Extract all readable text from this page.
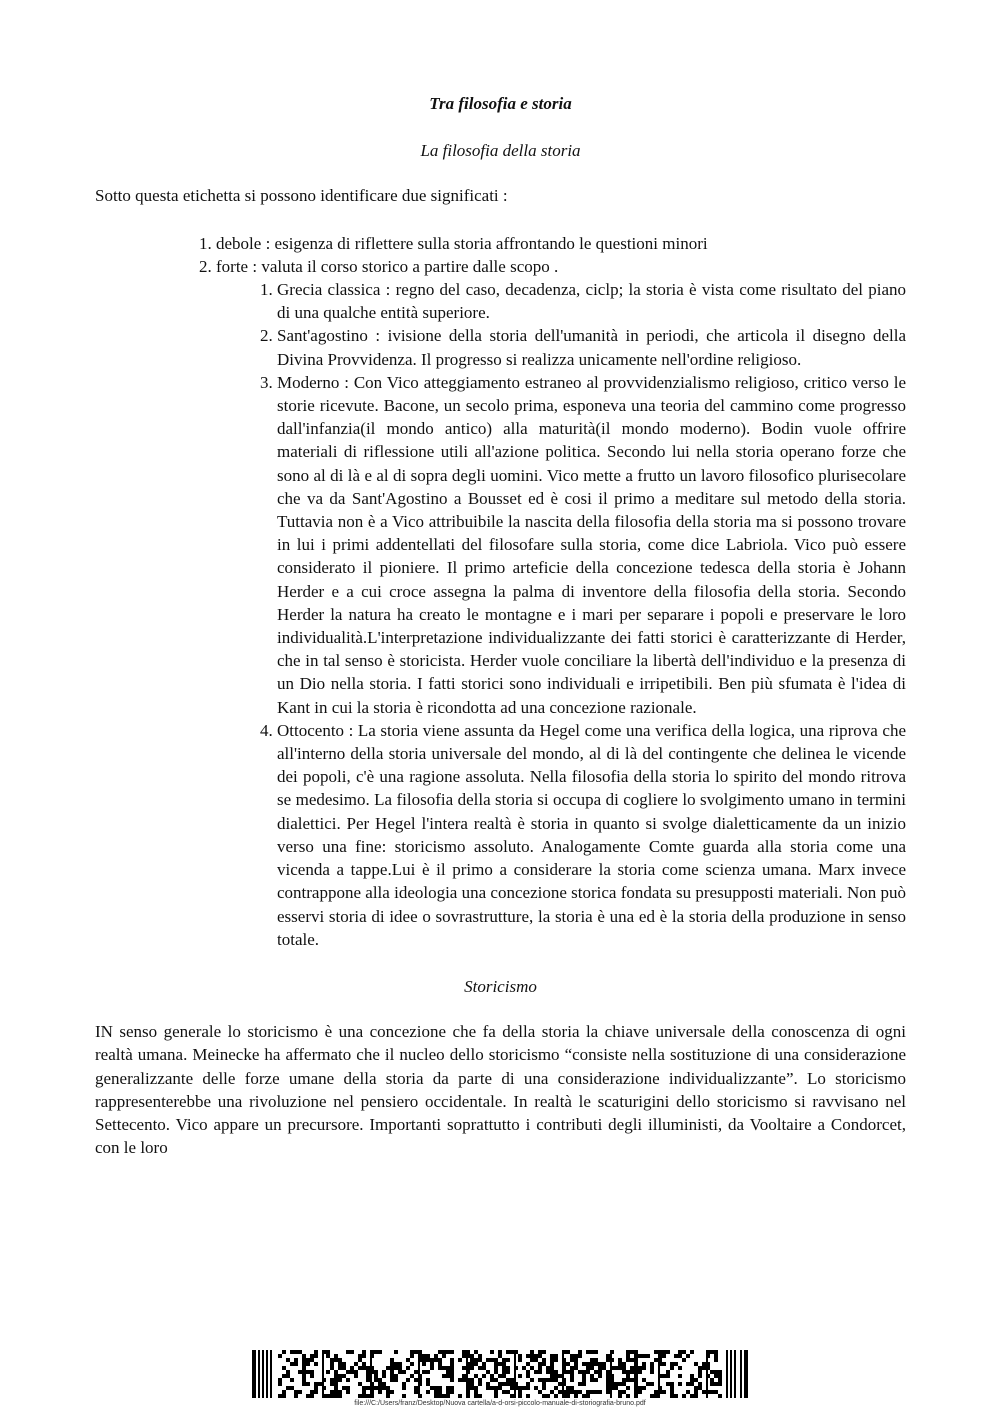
Tra filosofia e storia
La filosofia della storia

Sotto questa etichetta si possono identificare due significati :

1. debole : esigenza di riflettere sulla storia affrontando le questioni minori
2. forte : valuta il corso storico a partire dalle scopo .
1. Grecia classica : regno del caso, decadenza, ciclp; la storia è vista come risultato del piano di una qualche entità superiore.
2. Sant'agostino : ivisione della storia dell'umanità in periodi, che articola il disegno della Divina Provvidenza. Il progresso si realizza unicamente nell'ordine religioso.
3. Moderno : Con Vico atteggiamento estraneo al provvidenzialismo religioso, critico verso le storie ricevute. Bacone, un secolo prima, esponeva una teoria del cammino come progresso dall'infanzia(il mondo antico) alla maturità(il mondo moderno). Bodin vuole offrire materiali di riflessione utili all'azione politica. Secondo lui nella storia operano forze che sono al di là e al di sopra degli uomini. Vico mette a frutto un lavoro filosofico plurisecolare che va da Sant'Agostino a Bousset ed è cosi il primo a meditare sul metodo della storia. Tuttavia non è a Vico attribuibile la nascita della filosofia della storia ma si possono trovare in lui i primi addentellati del filosofare sulla storia, come dice Labriola. Vico può essere considerato il pioniere. Il primo arteficie della concezione tedesca della storia è Johann Herder e a cui croce assegna la palma di inventore della filosofia della storia. Secondo Herder la natura ha creato le montagne e i mari per separare i popoli e preservare le loro individualità.L'interpretazione individualizzante dei fatti storici è caratterizzante di Herder, che in tal senso è storicista. Herder vuole conciliare la libertà dell'individuo e la presenza di un Dio nella storia. I fatti storici sono individuali e irripetibili. Ben più sfumata è l'idea di Kant in cui la storia è ricondotta ad una concezione razionale.
4. Ottocento : La storia viene assunta da Hegel come una verifica della logica, una riprova che all'interno della storia universale del mondo, al di là del contingente che delinea le vicende dei popoli, c'è una ragione assoluta. Nella filosofia della storia lo spirito del mondo ritrova se medesimo. La filosofia della storia si occupa di cogliere lo svolgimento umano in termini dialettici. Per Hegel l'intera realtà è storia in quanto si svolge dialetticamente da un inizio verso una fine: storicismo assoluto. Analogamente Comte guarda alla storia come una vicenda a tappe.Lui è il primo a considerare la storia come scienza umana. Marx invece contrappone alla ideologia una concezione storica fondata su presupposti materiali. Non può esservi storia di idee o sovrastrutture, la storia è una ed è la storia della produzione in senso totale.
Storicismo

IN senso generale lo storicismo è una concezione che fa della storia la chiave universale della conoscenza di ogni realtà umana. Meinecke ha affermato che il nucleo dello storicismo “consiste nella sostituzione di una considerazione generalizzante delle forze umane della storia da parte di una considerazione individualizzante”. Lo storicismo rappresenterebbe una rivoluzione nel pensiero occidentale. In realtà le scaturigini dello storicismo si ravvisano nel Settecento. Vico appare un precursore. Importanti soprattutto i contributi degli illuministi, da Vooltaire a Condorcet, con le loro

file:///C:/Users/franz/Desktop/Nuova cartella/a-d-orsi-piccolo-manuale-di-storiografia-bruno.pdf
